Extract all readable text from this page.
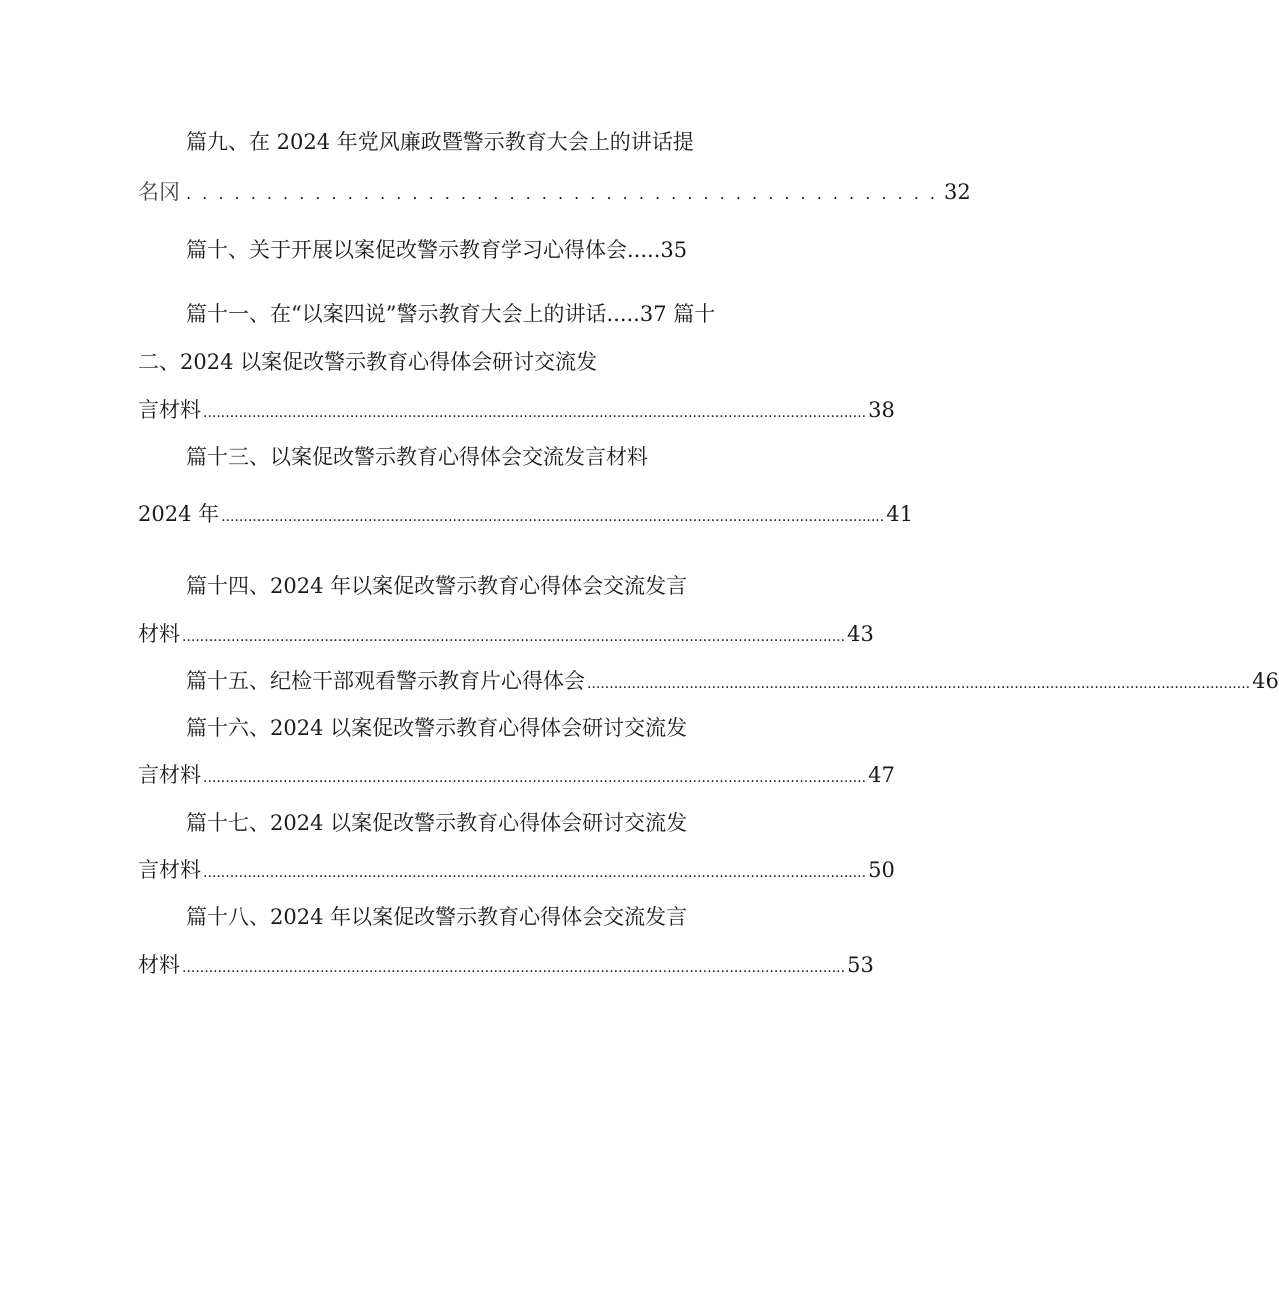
篇九、在 2024 年党风廉政暨警示教育大会上的讲话提
名冈 . . . . . . . . . . . . . . . . . . . . . . . . . . . . . . . . . . . . . . . . . . . . . . . 32
篇十、关于开展以案促改警示教育学习心得体会.....35
篇十一、在“以案四说”警示教育大会上的讲话.....37 篇十
二、2024 以案促改警示教育心得体会研讨交流发
言材料 ..................................................................................................................................................... 38
篇十三、以案促改警示教育心得体会交流发言材料
2024 年 ..................................................................................................................................................... 41
篇十四、2024 年以案促改警示教育心得体会交流发言
材料 ..................................................................................................................................................... 43
篇十五、纪检干部观看警示教育片心得体会 ..................................................................................................................................................... 46
篇十六、2024 以案促改警示教育心得体会研讨交流发
言材料 ..................................................................................................................................................... 47
篇十七、2024 以案促改警示教育心得体会研讨交流发
言材料 ..................................................................................................................................................... 50
篇十八、2024 年以案促改警示教育心得体会交流发言
材料 ..................................................................................................................................................... 53
